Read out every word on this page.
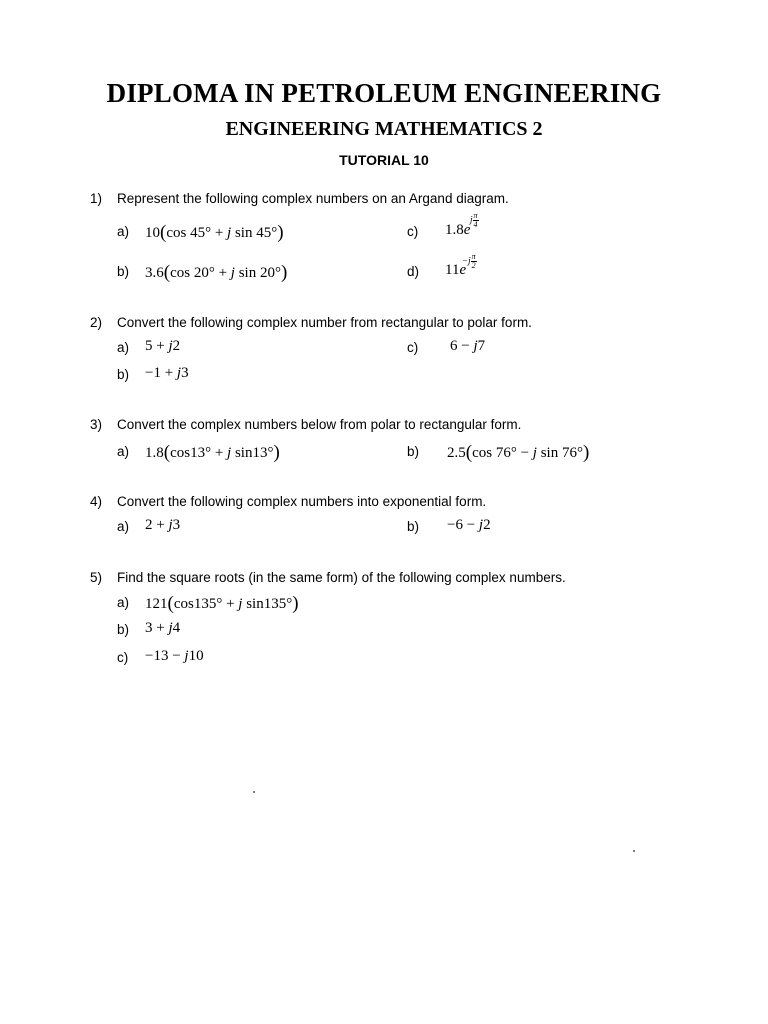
DIPLOMA IN PETROLEUM ENGINEERING
ENGINEERING MATHEMATICS 2
TUTORIAL 10
1) Represent the following complex numbers on an Argand diagram.
a) 10(cos 45° + j sin 45°)	c) 1.8e
j $\frac{\pi}{4}$
b) 3.6(cos 20° + j sin 20°)	d) 11e
$-j \frac{\pi}{2}$
2) Convert the following complex number from rectangular to polar form.
a) 5 + j2	c) 6 − j7
b) −1 + j3
3) Convert the complex numbers below from polar to rectangular form.
a) 1.8(cos13° + j sin13°)	b) 2.5(cos 76° − j sin 76°)
4) Convert the following complex numbers into exponential form.
a) 2 + j3	b) −6 − j2
5) Find the square roots (in the same form) of the following complex numbers.
a) 121(cos135° + j sin135°)
b) 3 + j4
c) −13 − j10
